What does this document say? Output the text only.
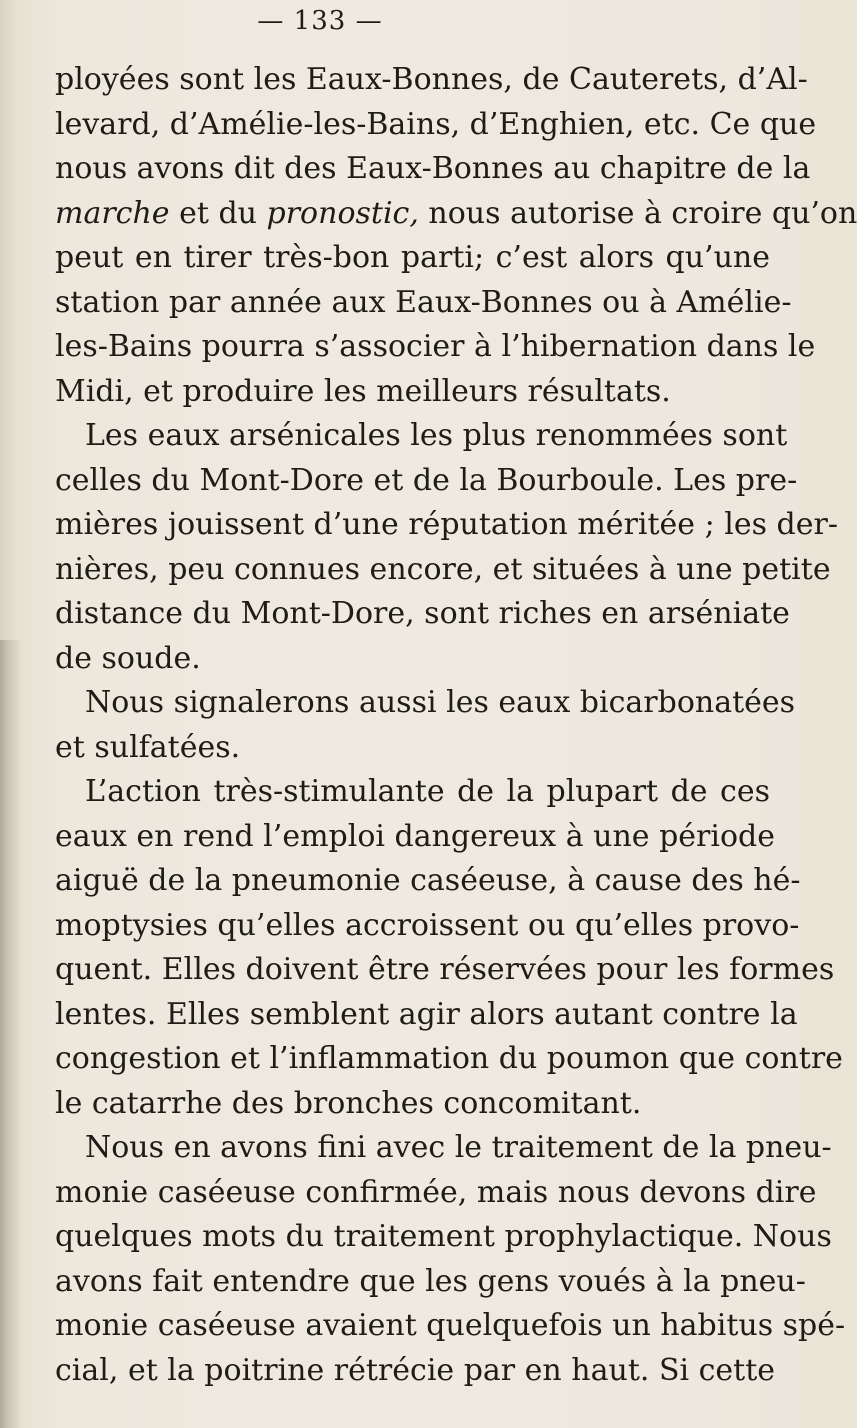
— 133 —
ployées sont les Eaux-Bonnes, de Cauterets, d’Al-
levard, d’Amélie-les-Bains, d’Enghien, etc. Ce que
nous avons dit des Eaux-Bonnes au chapitre de la
marche et du pronostic, nous autorise à croire qu’on
peut en tirer très-bon parti; c’est alors qu’une
station par année aux Eaux-Bonnes ou à Amélie-
les-Bains pourra s’associer à l’hibernation dans le
Midi, et produire les meilleurs résultats.
Les eaux arsénicales les plus renommées sont
celles du Mont-Dore et de la Bourboule. Les pre-
mières jouissent d’une réputation méritée ; les der-
nières, peu connues encore, et situées à une petite
distance du Mont-Dore, sont riches en arséniate
de soude.
Nous signalerons aussi les eaux bicarbonatées
et sulfatées.
L’action très-stimulante de la plupart de ces
eaux en rend l’emploi dangereux à une période
aiguë de la pneumonie caséeuse, à cause des hé-
moptysies qu’elles accroissent ou qu’elles provo-
quent. Elles doivent être réservées pour les formes
lentes. Elles semblent agir alors autant contre la
congestion et l’inflammation du poumon que contre
le catarrhe des bronches concomitant.
Nous en avons fini avec le traitement de la pneu-
monie caséeuse confirmée, mais nous devons dire
quelques mots du traitement prophylactique. Nous
avons fait entendre que les gens voués à la pneu-
monie caséeuse avaient quelquefois un habitus spé-
cial, et la poitrine rétrécie par en haut. Si cette
